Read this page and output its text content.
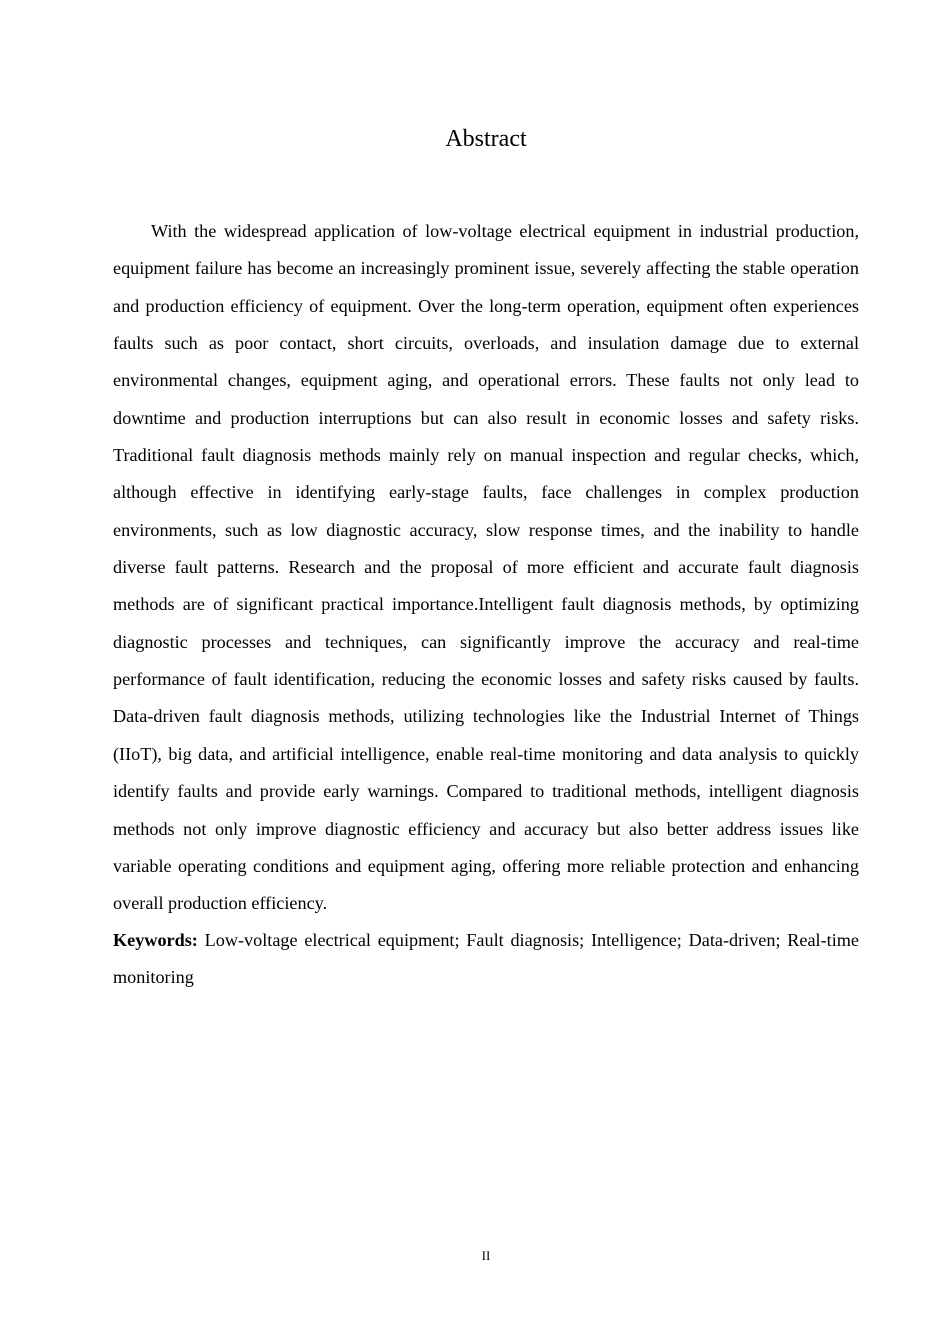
Abstract

With the widespread application of low-voltage electrical equipment in industrial production, equipment failure has become an increasingly prominent issue, severely affecting the stable operation and production efficiency of equipment. Over the long-term operation, equipment often experiences faults such as poor contact, short circuits, overloads, and insulation damage due to external environmental changes, equipment aging, and operational errors. These faults not only lead to downtime and production interruptions but can also result in economic losses and safety risks. Traditional fault diagnosis methods mainly rely on manual inspection and regular checks, which, although effective in identifying early-stage faults, face challenges in complex production environments, such as low diagnostic accuracy, slow response times, and the inability to handle diverse fault patterns. Research and the proposal of more efficient and accurate fault diagnosis methods are of significant practical importance.Intelligent fault diagnosis methods, by optimizing diagnostic processes and techniques, can significantly improve the accuracy and real-time performance of fault identification, reducing the economic losses and safety risks caused by faults. Data-driven fault diagnosis methods, utilizing technologies like the Industrial Internet of Things (IIoT), big data, and artificial intelligence, enable real-time monitoring and data analysis to quickly identify faults and provide early warnings. Compared to traditional methods, intelligent diagnosis methods not only improve diagnostic efficiency and accuracy but also better address issues like variable operating conditions and equipment aging, offering more reliable protection and enhancing overall production efficiency.

Keywords: Low-voltage electrical equipment; Fault diagnosis; Intelligence; Data-driven; Real-time monitoring

II
